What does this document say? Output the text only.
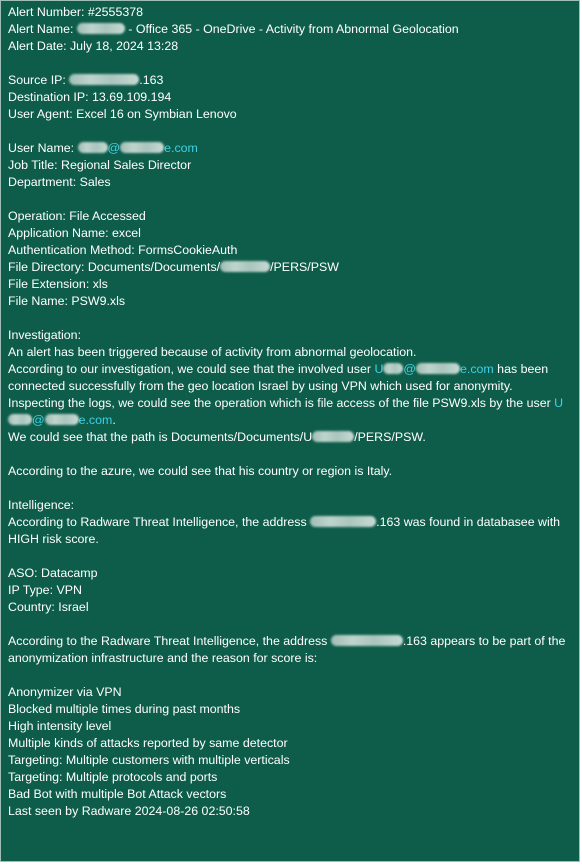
Alert Number: #2555378
Alert Name:	- Office 365 - OneDrive - Activity from Abnormal Geolocation
Alert Date: July 18, 2024 13:28
Source IP:	.163
Destination IP: 13.69.109.194
User Agent: Excel 16 on Symbian Lenovo
User Name: @	e.com
Job Title: Regional Sales Director
Department: Sales
Operation: File Accessed
Application Name: excel
Authentication Method: FormsCookieAuth
File Directory: Documents/Documents/	/PERS/PSW
File Extension: xls
File Name: PSW9.xls
Investigation:
An alert has been triggered because of activity from abnormal geolocation.
According to our investigation, we could see that the involved user U @	e.com has been connected successfully from the geo location Israel by using VPN which used for anonymity.
Inspecting the logs, we could see the operation which is file access of the file PSW9.xls by the user U@	e.com.
We could see that the path is Documents/Documents/U	/PERS/PSW.
According to the azure, we could see that his country or region is Italy.
Intelligence:
According to Radware Threat Intelligence, the address	.163 was found in databasee with HIGH risk score.
ASO: Datacamp
IP Type: VPN
Country: Israel
According to the Radware Threat Intelligence, the address	.163 appears to be part of the anonymization infrastructure and the reason for score is:
Anonymizer via VPN
Blocked multiple times during past months
High intensity level
Multiple kinds of attacks reported by same detector
Targeting: Multiple customers with multiple verticals
Targeting: Multiple protocols and ports
Bad Bot with multiple Bot Attack vectors
Last seen by Radware 2024-08-26 02:50:58
